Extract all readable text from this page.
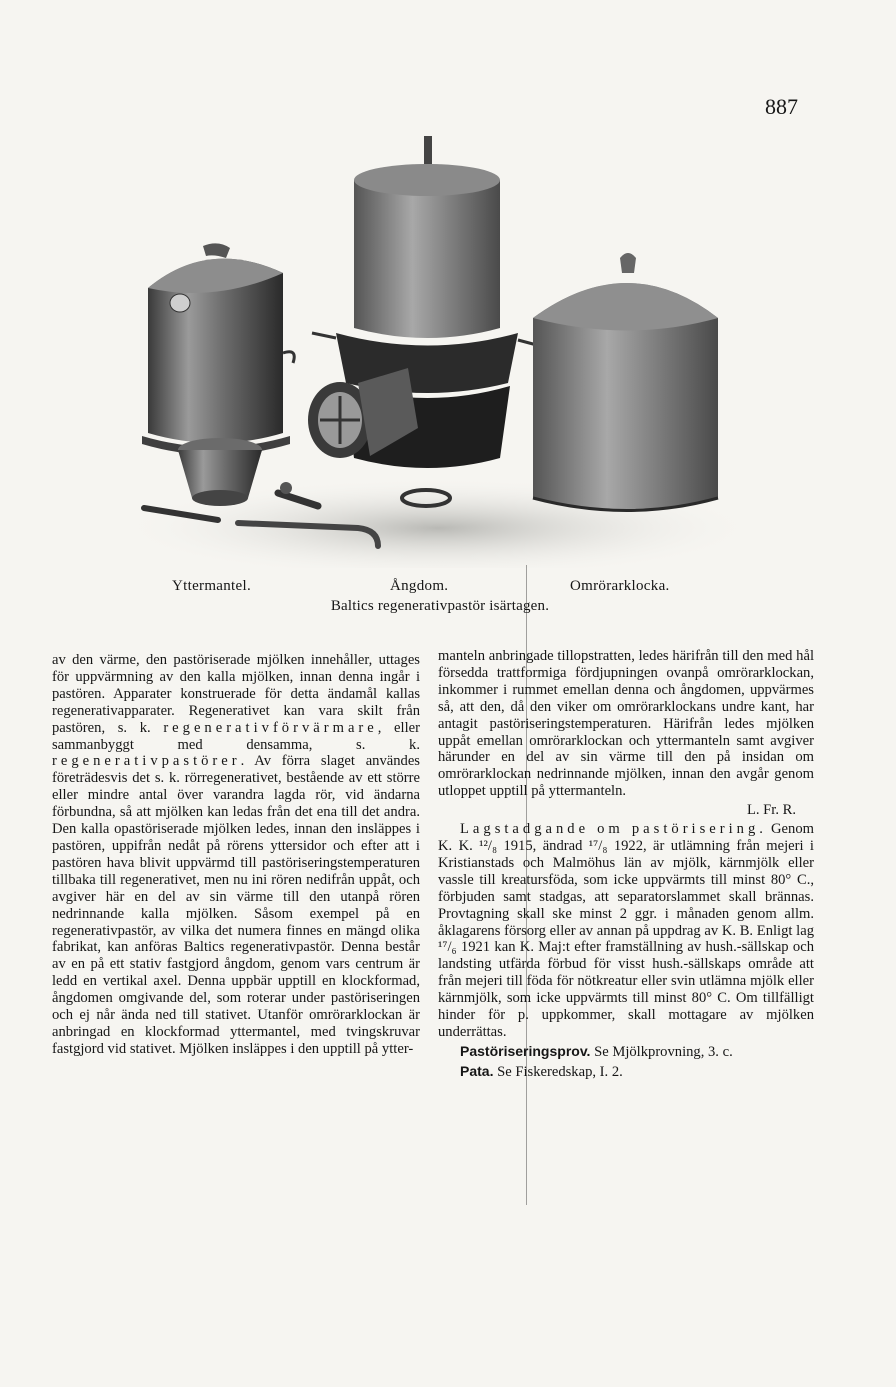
887
Yttermantel.	Ångdom.	Omrörarklocka.
Baltics regenerativpastör isärtagen.

av den värme, den pastöriserade mjölken innehåller, uttages för uppvärmning av den kalla mjölken, innan denna ingår i pastören. Apparater konstruerade för detta ändamål kallas regenerativapparater. Regenerativet kan vara skilt från pastören, s. k. regenerativförvärmare, eller sammanbyggt med densamma, s. k. regenerativpastörer. Av förra slaget användes företrädesvis det s. k. rörregenerativet, bestående av ett större eller mindre antal över varandra lagda rör, vid ändarna förbundna, så att mjölken kan ledas från det ena till det andra. Den kalla opastöriserade mjölken ledes, innan den insläppes i pastören, uppifrån nedåt på rörens yttersidor och efter att i pastören hava blivit uppvärmd till pastöriseringstemperaturen tillbaka till regenerativet, men nu ini rören nedifrån uppåt, och avgiver här en del av sin värme till den utanpå rören nedrinnande kalla mjölken. Såsom exempel på en regenerativpastör, av vilka det numera finnes en mängd olika fabrikat, kan anföras Baltics regenerativpastör. Denna består av en på ett stativ fastgjord ångdom, genom vars centrum är ledd en vertikal axel. Denna uppbär upptill en klockformad, ångdomen omgivande del, som roterar under pastöriseringen och ej når ända ned till stativet. Utanför omrörarklockan är anbringad en klockformad yttermantel, med tvingskruvar fastgjord vid stativet. Mjölken insläppes i den upptill på ytter-

manteln anbringade tillopstratten, ledes härifrån till den med hål försedda trattformiga fördjupningen ovanpå omrörarklockan, inkommer i rummet emellan denna och ångdomen, uppvärmes så, att den, då den viker om omrörarklockans undre kant, har antagit pastöriseringstemperaturen. Härifrån ledes mjölken uppåt emellan omrörarklockan och yttermanteln samt avgiver härunder en del av sin värme till den på insidan om omrörarklockan nedrinnande mjölken, innan den avgår genom utloppet upptill på yttermanteln.

L. Fr. R.

Lagstadgande om pastörisering. Genom K. K. ¹²/₈ 1915, ändrad ¹⁷/₈ 1922, är utlämning från mejeri i Kristianstads och Malmöhus län av mjölk, kärnmjölk eller vassle till kreatursföda, som icke uppvärmts till minst 80° C., förbjuden samt stadgas, att separatorslammet skall brännas. Provtagning skall ske minst 2 ggr. i månaden genom allm. åklagarens försorg eller av annan på uppdrag av K. B. Enligt lag ¹⁷/₆ 1921 kan K. Maj:t efter framställning av hush.-sällskap och landsting utfärda förbud för visst hush.-sällskaps område att från mejeri till föda för nötkreatur eller svin utlämna mjölk eller kärnmjölk, som icke uppvärmts till minst 80° C. Om tillfälligt hinder för p. uppkommer, skall mottagare av mjölken underrättas.

Pastöriseringsprov. Se Mjölkprovning, 3. c.

Pata. Se Fiskeredskap, I. 2.
